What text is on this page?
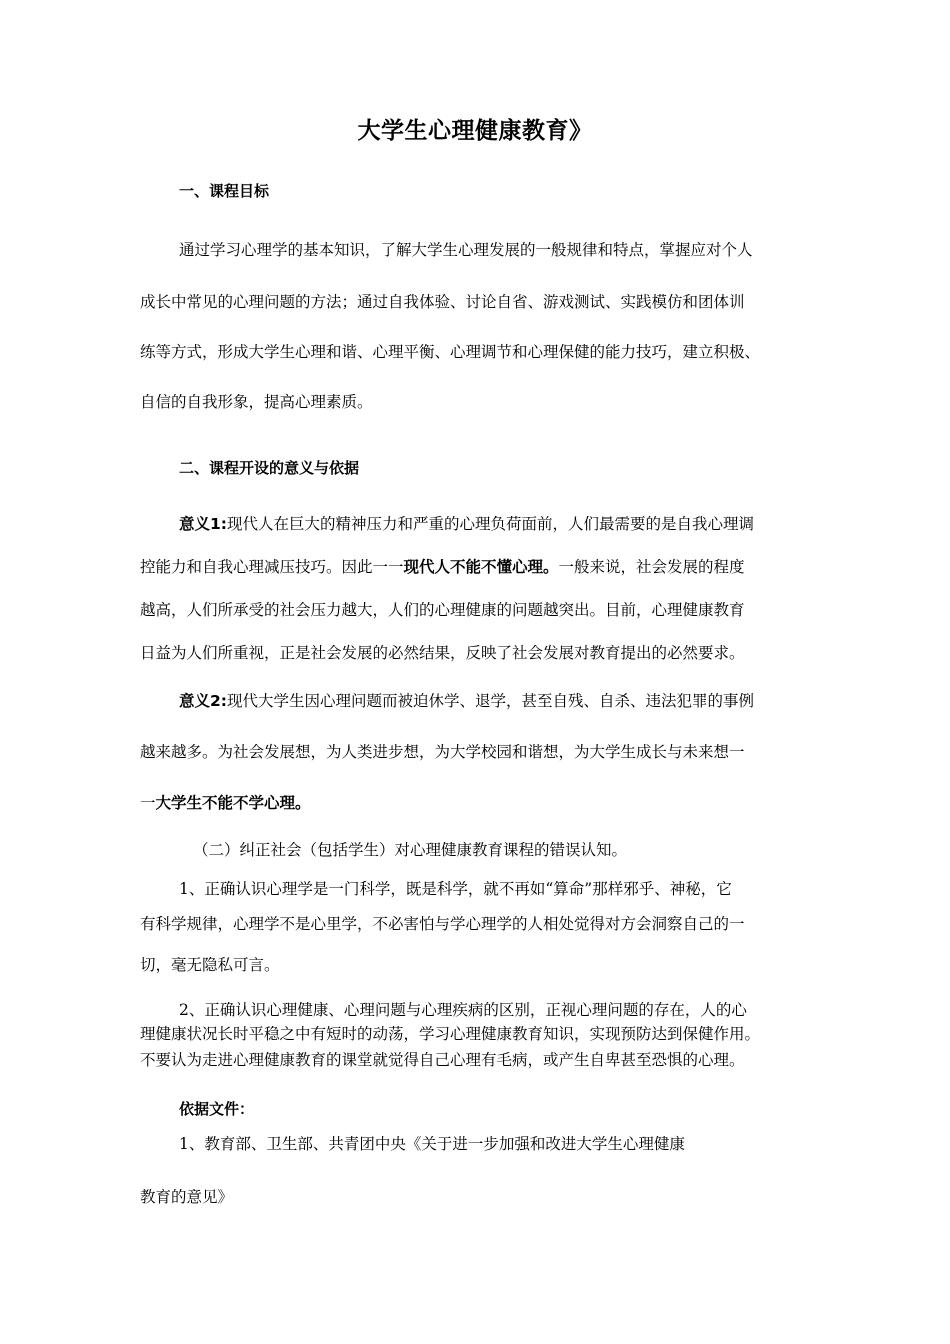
大学生心理健康教育》
一、课程目标
通过学习心理学的基本知识，了解大学生心理发展的一般规律和特点，掌握应对个人
成长中常见的心理问题的方法；通过自我体验、讨论自省、游戏测试、实践模仿和团体训
练等方式，形成大学生心理和谐、心理平衡、心理调节和心理保健的能力技巧，建立积极、
自信的自我形象，提高心理素质。
二、课程开设的意义与依据
意义1:现代人在巨大的精神压力和严重的心理负荷面前，人们最需要的是自我心理调
控能力和自我心理减压技巧。因此一一现代人不能不懂心理。一般来说，社会发展的程度
越高，人们所承受的社会压力越大，人们的心理健康的问题越突出。目前，心理健康教育
日益为人们所重视，正是社会发展的必然结果，反映了社会发展对教育提出的必然要求。
意义2:现代大学生因心理问题而被迫休学、退学，甚至自残、自杀、违法犯罪的事例
越来越多。为社会发展想，为人类进步想，为大学校园和谐想，为大学生成长与未来想一
一大学生不能不学心理。
（二）纠正社会（包括学生）对心理健康教育课程的错误认知。
1、正确认识心理学是一门科学，既是科学，就不再如“算命”那样邪乎、神秘，它
有科学规律，心理学不是心里学，不必害怕与学心理学的人相处觉得对方会洞察自己的一
切，毫无隐私可言。
2、正确认识心理健康、心理问题与心理疾病的区别，正视心理问题的存在，人的心
理健康状况长时平稳之中有短时的动荡，学习心理健康教育知识，实现预防达到保健作用。
不要认为走进心理健康教育的课堂就觉得自己心理有毛病，或产生自卑甚至恐惧的心理。
依据文件：
1、教育部、卫生部、共青团中央《关于进一步加强和改进大学生心理健康
教育的意见》
